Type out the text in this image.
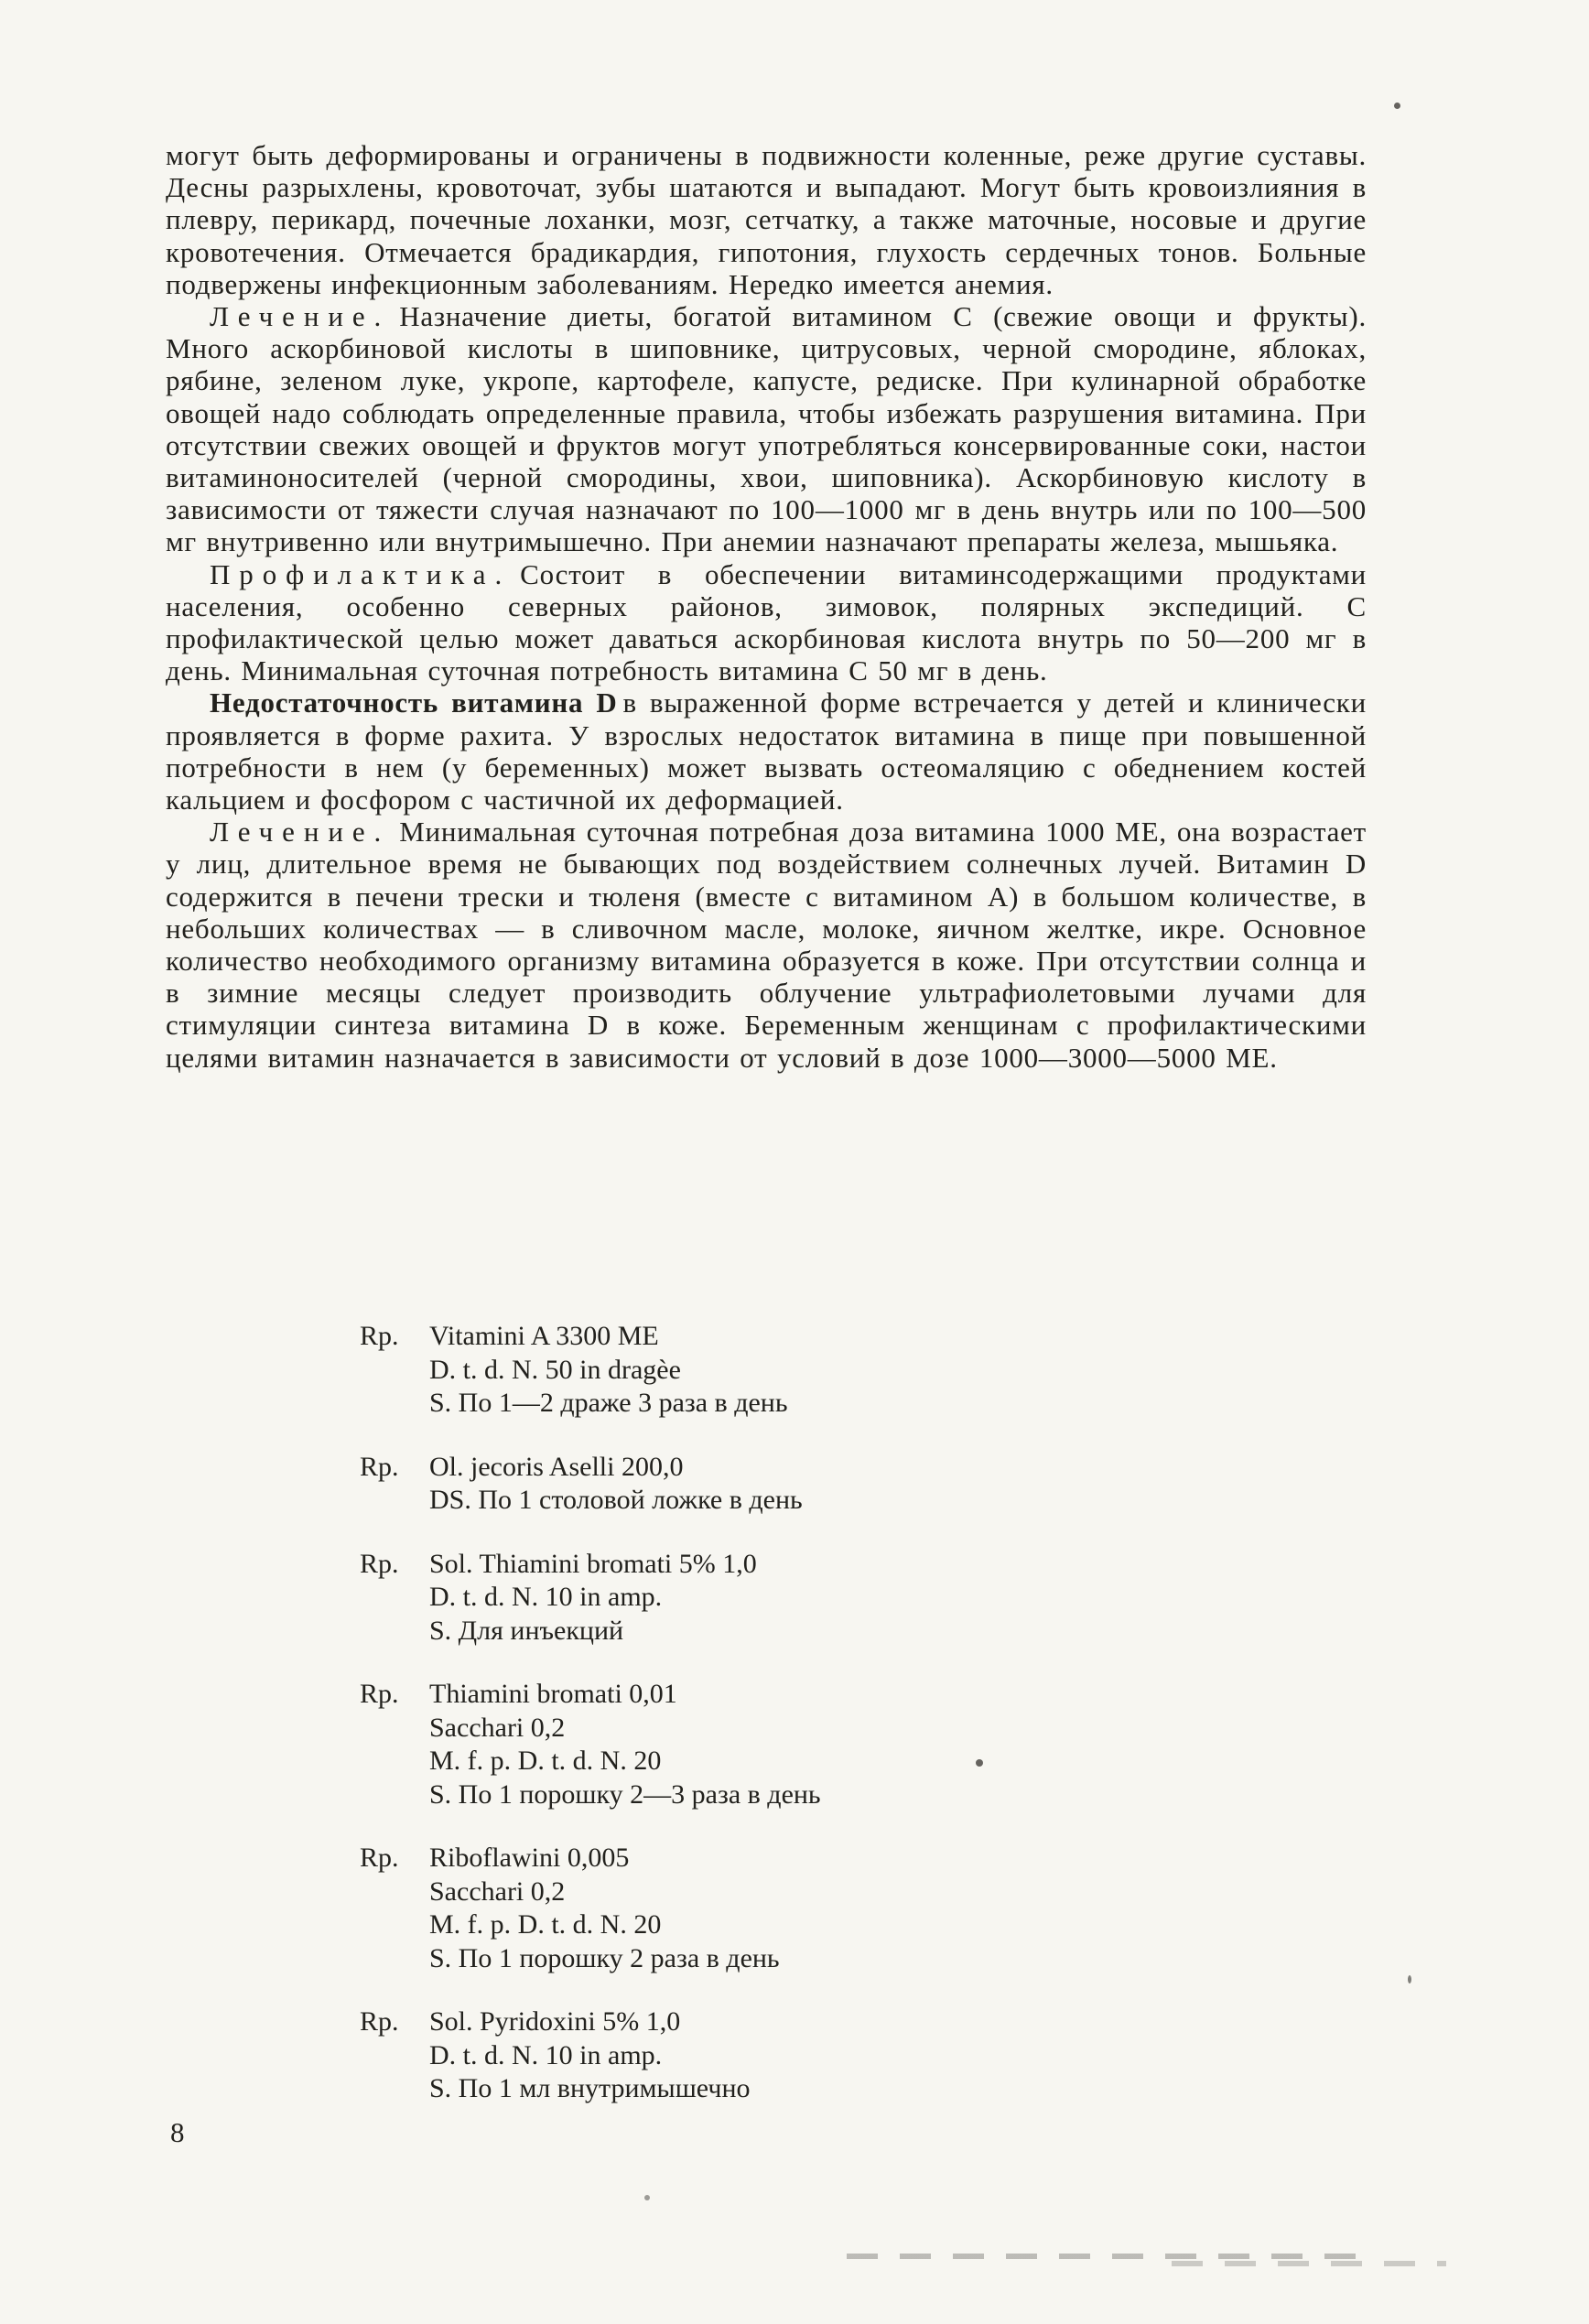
могут быть деформированы и ограничены в подвижности коленные, реже другие суставы. Десны разрыхлены, кровоточат, зубы шатаются и выпадают. Могут быть кровоизлияния в плевру, перикард, почечные лоханки, мозг, сетчатку, а также маточные, носовые и другие кровотечения. Отмечается брадикардия, гипотония, глухость сердечных тонов. Больные подвержены инфекционным заболеваниям. Нередко имеется анемия.

Лечение. Назначение диеты, богатой витамином С (свежие овощи и фрукты). Много аскорбиновой кислоты в шиповнике, цитрусовых, черной смородине, яблоках, рябине, зеленом луке, укропе, картофеле, капусте, редиске. При кулинарной обработке овощей надо соблюдать определенные правила, чтобы избежать разрушения витамина. При отсутствии свежих овощей и фруктов могут употребляться консервированные соки, настои витаминоносителей (черной смородины, хвои, шиповника). Аскорбиновую кислоту в зависимости от тяжести случая назначают по 100—1000 мг в день внутрь или по 100—500 мг внутривенно или внутримышечно. При анемии назначают препараты железа, мышьяка.

Профилактика. Состоит в обеспечении витаминсодержащими продуктами населения, особенно северных районов, зимовок, полярных экспедиций. С профилактической целью может даваться аскорбиновая кислота внутрь по 50—200 мг в день. Минимальная суточная потребность витамина С 50 мг в день.

Недостаточность витамина D в выраженной форме встречается у детей и клинически проявляется в форме рахита. У взрослых недостаток витамина в пище при повышенной потребности в нем (у беременных) может вызвать остеомаляцию с обеднением костей кальцием и фосфором с частичной их деформацией.

Лечение. Минимальная суточная потребная доза витамина 1000 МЕ, она возрастает у лиц, длительное время не бывающих под воздействием солнечных лучей. Витамин D содержится в печени трески и тюленя (вместе с витамином А) в большом количестве, в небольших количествах — в сливочном масле, молоке, яичном желтке, икре. Основное количество необходимого организму витамина образуется в коже. При отсутствии солнца и в зимние месяцы следует производить облучение ультрафиолетовыми лучами для стимуляции синтеза витамина D в коже. Беременным женщинам с профилактическими целями витамин назначается в зависимости от условий в дозе 1000—3000—5000 МЕ.

Rp. Vitamini A 3300 ME
D. t. d. N. 50 in dragèe
S. По 1—2 драже 3 раза в день
Rp. Ol. jecoris Aselli 200,0
DS. По 1 столовой ложке в день
Rp. Sol. Thiamini bromati 5% 1,0
D. t. d. N. 10 in amp.
S. Для инъекций
Rp. Thiamini bromati 0,01
Sacchari 0,2
M. f. p. D. t. d. N. 20
S. По 1 порошку 2—3 раза в день
Rp. Riboflawini 0,005
Sacchari 0,2
M. f. p. D. t. d. N. 20
S. По 1 порошку 2 раза в день
Rp. Sol. Pyridoxini 5% 1,0
D. t. d. N. 10 in amp.
S. По 1 мл внутримышечно
8
